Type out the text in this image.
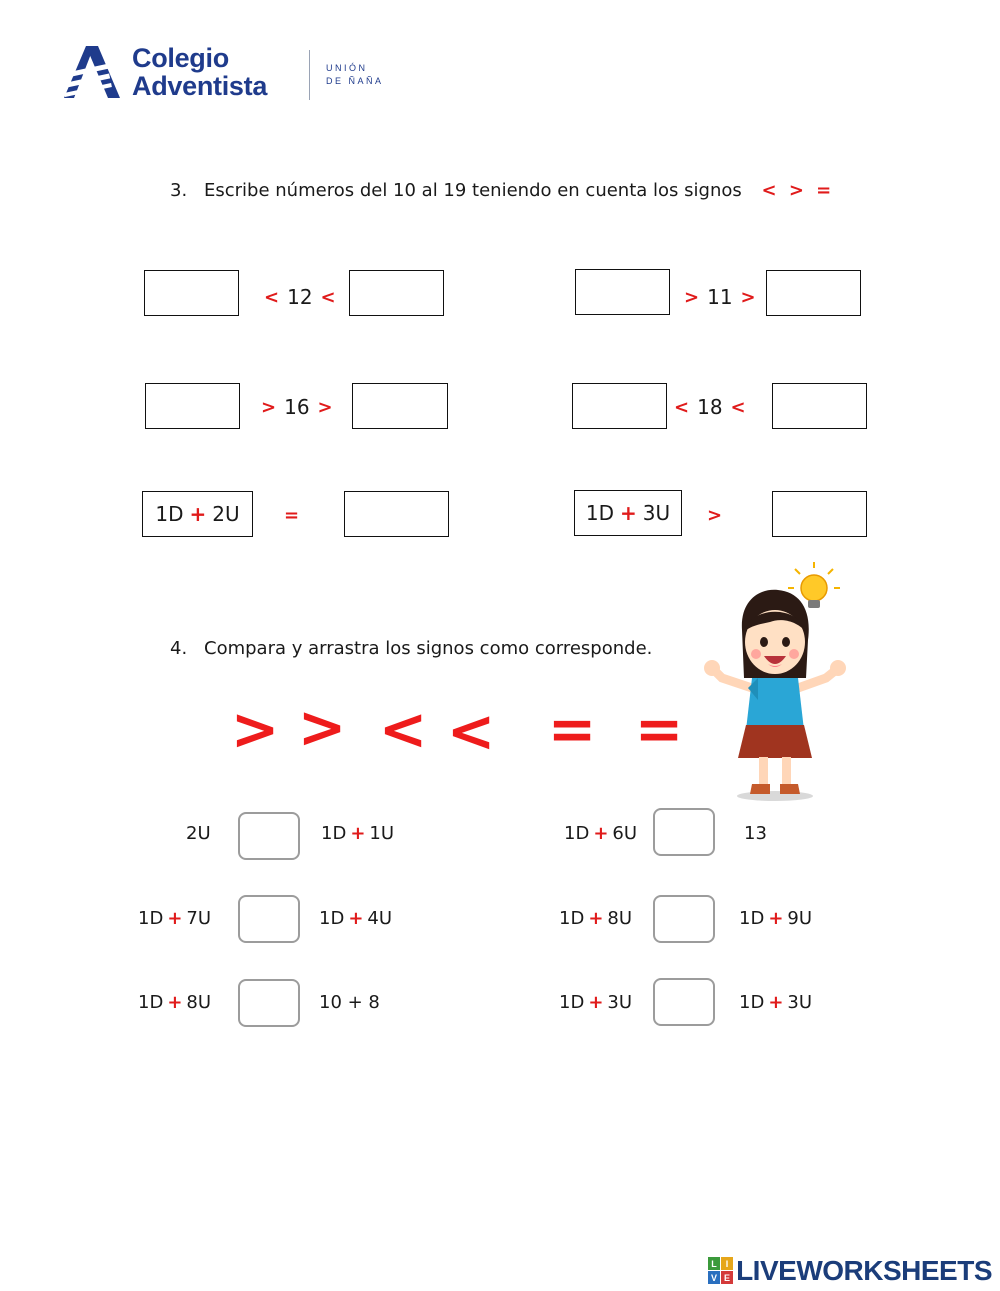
Colegio
Adventista
UNIÓN
DE ÑAÑA
3. Escribe números del 10 al 19 teniendo en cuenta los signos < > =
< 12 <	> 11 >
> 16 >	< 18 <
1D + 2U =	1D + 3U >
4. Compara y arrastra los signos como corresponde.
> > < < = =
2U	1D + 1U
1D + 7U	1D + 4U
1D + 8U	10 + 8
1D + 6U	13
1D + 8U	1D + 9U
1D + 3U	1D + 3U
L I
V E LIVEWORKSHEETS
